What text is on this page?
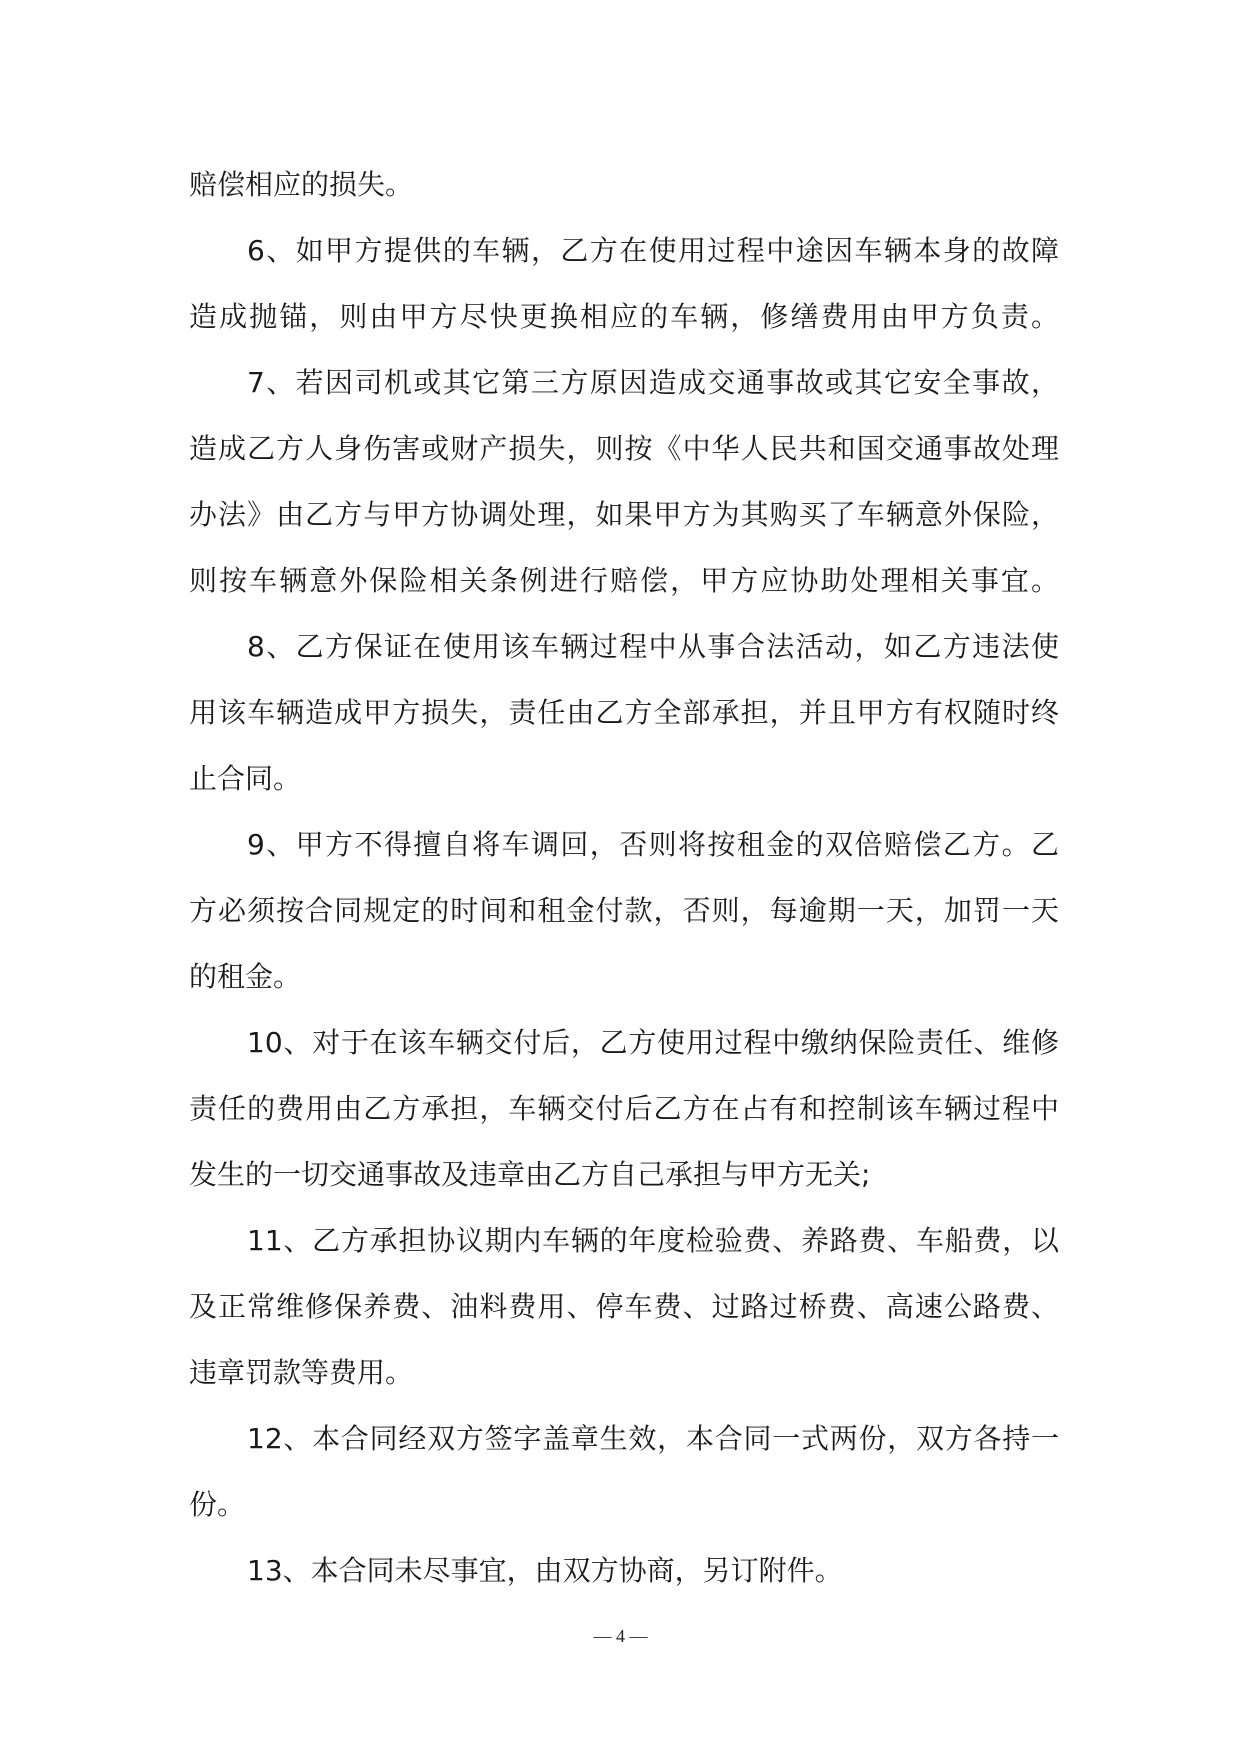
赔偿相应的损失。
6、如甲方提供的车辆，乙方在使用过程中途因车辆本身的故障
造成抛锚，则由甲方尽快更换相应的车辆，修缮费用由甲方负责。
7、若因司机或其它第三方原因造成交通事故或其它安全事故，
造成乙方人身伤害或财产损失，则按《中华人民共和国交通事故处理
办法》由乙方与甲方协调处理，如果甲方为其购买了车辆意外保险，
则按车辆意外保险相关条例进行赔偿，甲方应协助处理相关事宜。
8、乙方保证在使用该车辆过程中从事合法活动，如乙方违法使
用该车辆造成甲方损失，责任由乙方全部承担，并且甲方有权随时终
止合同。
9、甲方不得擅自将车调回，否则将按租金的双倍赔偿乙方。乙
方必须按合同规定的时间和租金付款，否则，每逾期一天，加罚一天
的租金。
10、对于在该车辆交付后，乙方使用过程中缴纳保险责任、维修
责任的费用由乙方承担，车辆交付后乙方在占有和控制该车辆过程中
发生的一切交通事故及违章由乙方自己承担与甲方无关;
11、乙方承担协议期内车辆的年度检验费、养路费、车船费，以
及正常维修保养费、油料费用、停车费、过路过桥费、高速公路费、
违章罚款等费用。
12、本合同经双方签字盖章生效，本合同一式两份，双方各持一
份。
13、本合同未尽事宜，由双方协商，另订附件。
— 4 —
